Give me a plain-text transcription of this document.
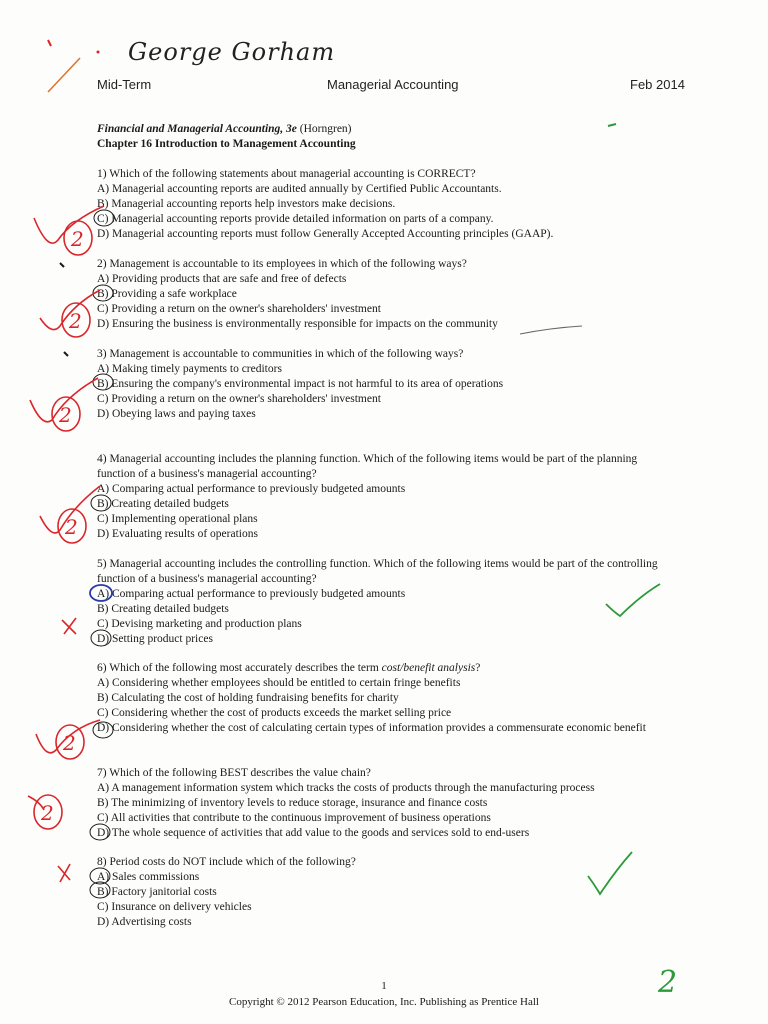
George Gorham
Mid-Term	Managerial Accounting	Feb 2014
Financial and Managerial Accounting, 3e (Horngren)
Chapter 16 Introduction to Management Accounting
1) Which of the following statements about managerial accounting is CORRECT?
A) Managerial accounting reports are audited annually by Certified Public Accountants.
B) Managerial accounting reports help investors make decisions.
C) Managerial accounting reports provide detailed information on parts of a company.
D) Managerial accounting reports must follow Generally Accepted Accounting principles (GAAP).
2) Management is accountable to its employees in which of the following ways?
A) Providing products that are safe and free of defects
B) Providing a safe workplace
C) Providing a return on the owner's shareholders' investment
D) Ensuring the business is environmentally responsible for impacts on the community
3) Management is accountable to communities in which of the following ways?
A) Making timely payments to creditors
B) Ensuring the company's environmental impact is not harmful to its area of operations
C) Providing a return on the owner's shareholders' investment
D) Obeying laws and paying taxes
4) Managerial accounting includes the planning function. Which of the following items would be part of the planning function of a business's managerial accounting?
A) Comparing actual performance to previously budgeted amounts
B) Creating detailed budgets
C) Implementing operational plans
D) Evaluating results of operations
5) Managerial accounting includes the controlling function. Which of the following items would be part of the controlling function of a business's managerial accounting?
A) Comparing actual performance to previously budgeted amounts
B) Creating detailed budgets
C) Devising marketing and production plans
D) Setting product prices
6) Which of the following most accurately describes the term cost/benefit analysis?
A) Considering whether employees should be entitled to certain fringe benefits
B) Calculating the cost of holding fundraising benefits for charity
C) Considering whether the cost of products exceeds the market selling price
D) Considering whether the cost of calculating certain types of information provides a commensurate economic benefit
7) Which of the following BEST describes the value chain?
A) A management information system which tracks the costs of products through the manufacturing process
B) The minimizing of inventory levels to reduce storage, insurance and finance costs
C) All activities that contribute to the continuous improvement of business operations
D) The whole sequence of activities that add value to the goods and services sold to end-users
8) Period costs do NOT include which of the following?
A) Sales commissions
B) Factory janitorial costs
C) Insurance on delivery vehicles
D) Advertising costs
2
2
2
2
2
2
2
1
Copyright © 2012 Pearson Education, Inc. Publishing as Prentice Hall
